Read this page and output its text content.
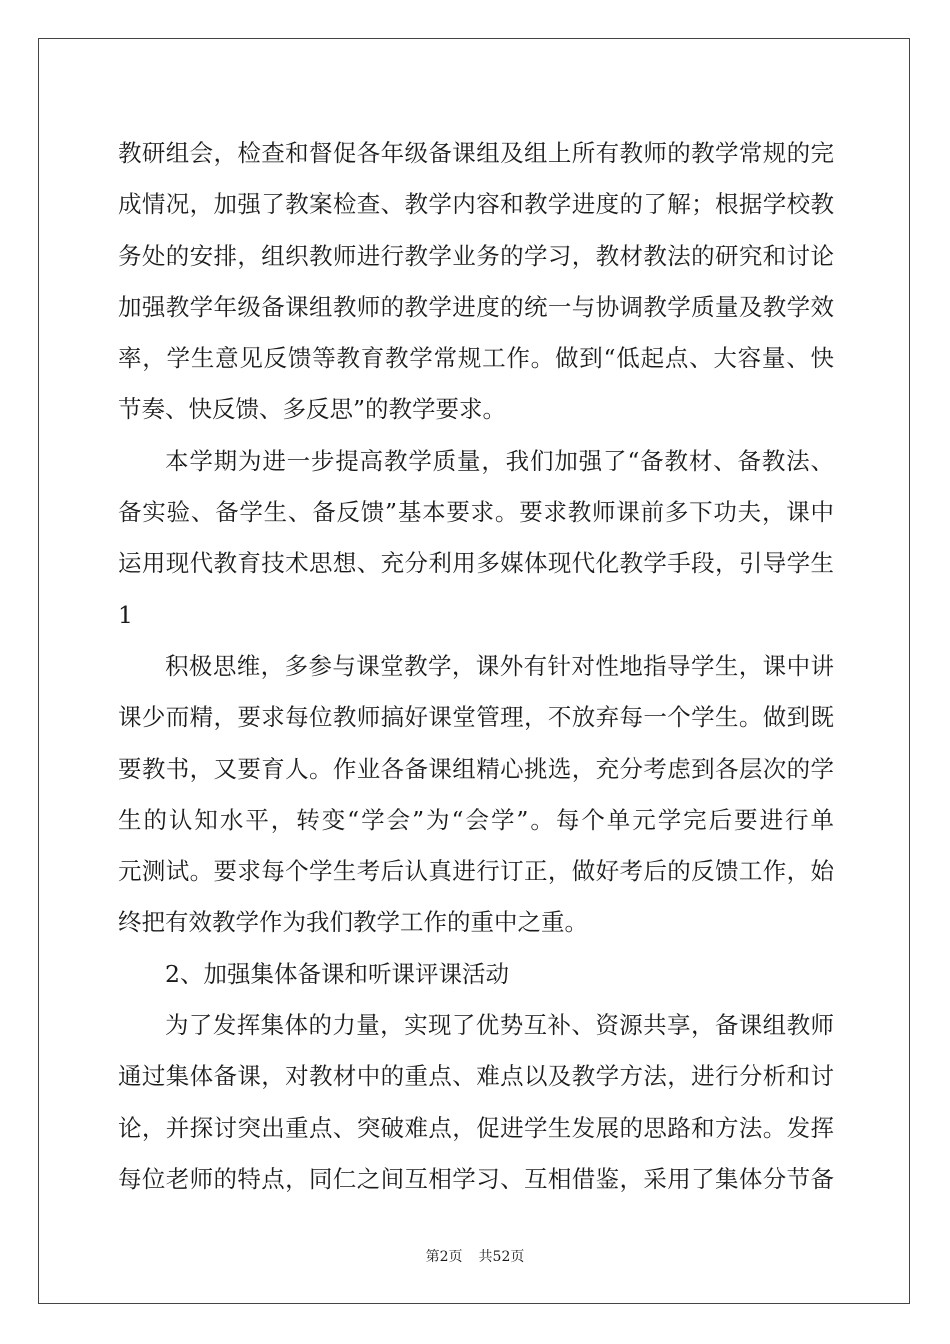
教研组会，检查和督促各年级备课组及组上所有教师的教学常规的完
成情况，加强了教案检查、教学内容和教学进度的了解；根据学校教
务处的安排，组织教师进行教学业务的学习，教材教法的研究和讨论
加强教学年级备课组教师的教学进度的统一与协调教学质量及教学效
率，学生意见反馈等教育教学常规工作。做到“低起点、大容量、快
节奏、快反馈、多反思”的教学要求。
本学期为进一步提高教学质量，我们加强了“备教材、备教法、
备实验、备学生、备反馈”基本要求。要求教师课前多下功夫，课中
运用现代教育技术思想、充分利用多媒体现代化教学手段，引导学生
1
积极思维，多参与课堂教学，课外有针对性地指导学生，课中讲
课少而精，要求每位教师搞好课堂管理，不放弃每一个学生。做到既
要教书，又要育人。作业各备课组精心挑选，充分考虑到各层次的学
生的认知水平，转变“学会”为“会学”。每个单元学完后要进行单
元测试。要求每个学生考后认真进行订正，做好考后的反馈工作，始
终把有效教学作为我们教学工作的重中之重。
2、加强集体备课和听课评课活动
为了发挥集体的力量，实现了优势互补、资源共享，备课组教师
通过集体备课，对教材中的重点、难点以及教学方法，进行分析和讨
论，并探讨突出重点、突破难点，促进学生发展的思路和方法。发挥
每位老师的特点，同仁之间互相学习、互相借鉴，采用了集体分节备
第2页 共52页
